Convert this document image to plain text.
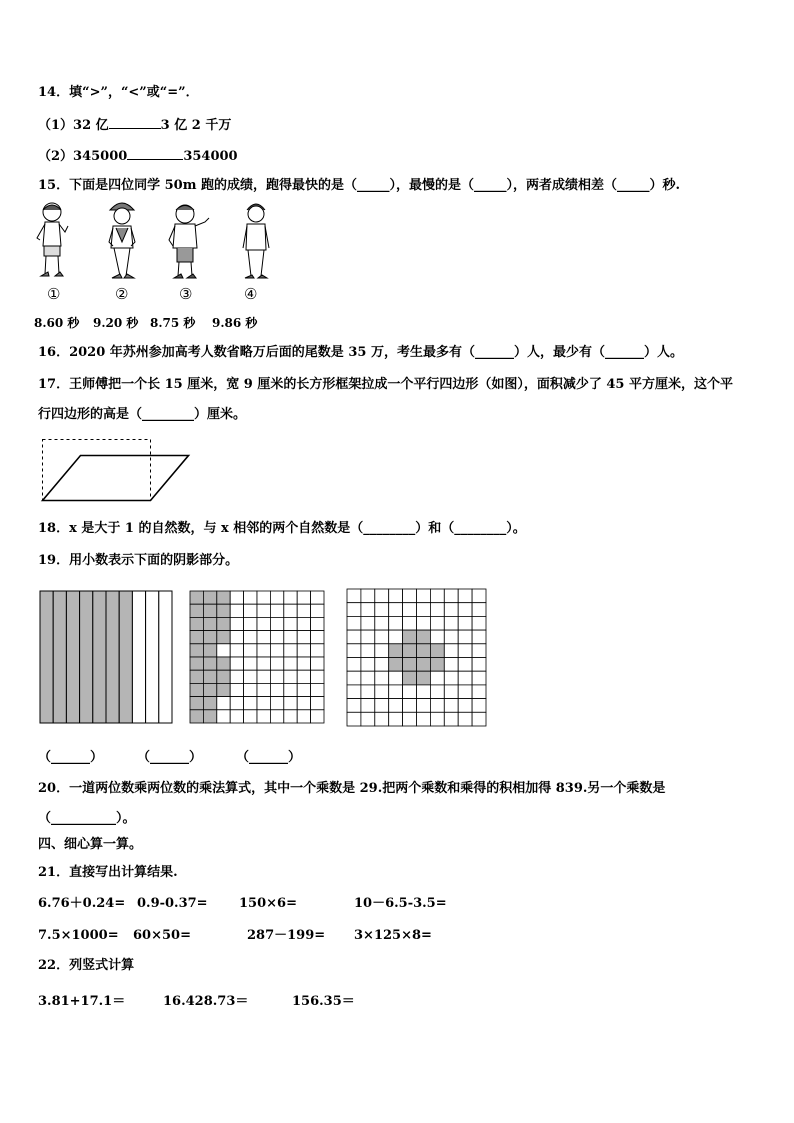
14．填“>”，“<”或“=”．
（1）32 亿	3 亿 2 千万
（2）345000	354000
15．下面是四位同学 50m 跑的成绩，跑得最快的是（_____），最慢的是（_____），两者成绩相差（_____）秒.
①	②	③	④
8.60 秒 9.20 秒 8.75 秒 9.86 秒
16．2020 年苏州参加高考人数省略万后面的尾数是 35 万，考生最多有（______）人，最少有（______）人。
17．王师傅把一个长 15 厘米，宽 9 厘米的长方形框架拉成一个平行四边形（如图），面积减少了 45 平方厘米，这个平
行四边形的高是（________）厘米。
18．x 是大于 1 的自然数，与 x 相邻的两个自然数是（________）和（________）。
19．用小数表示下面的阴影部分。
（______）	（______）	（______）
20．一道两位数乘两位数的乘法算式，其中一个乘数是 29.把两个乘数和乘得的积相加得 839.另一个乘数是
（__________）。
四、细心算一算。
21．直接写出计算结果.
6.76＋0.24= 0.9-0.37= 150×6=	10－6.5-3.5=
7.5×1000= 60×50=	287－199= 3×125×8=
22．列竖式计算
3.81+17.1＝	16.428.73＝	156.35＝
